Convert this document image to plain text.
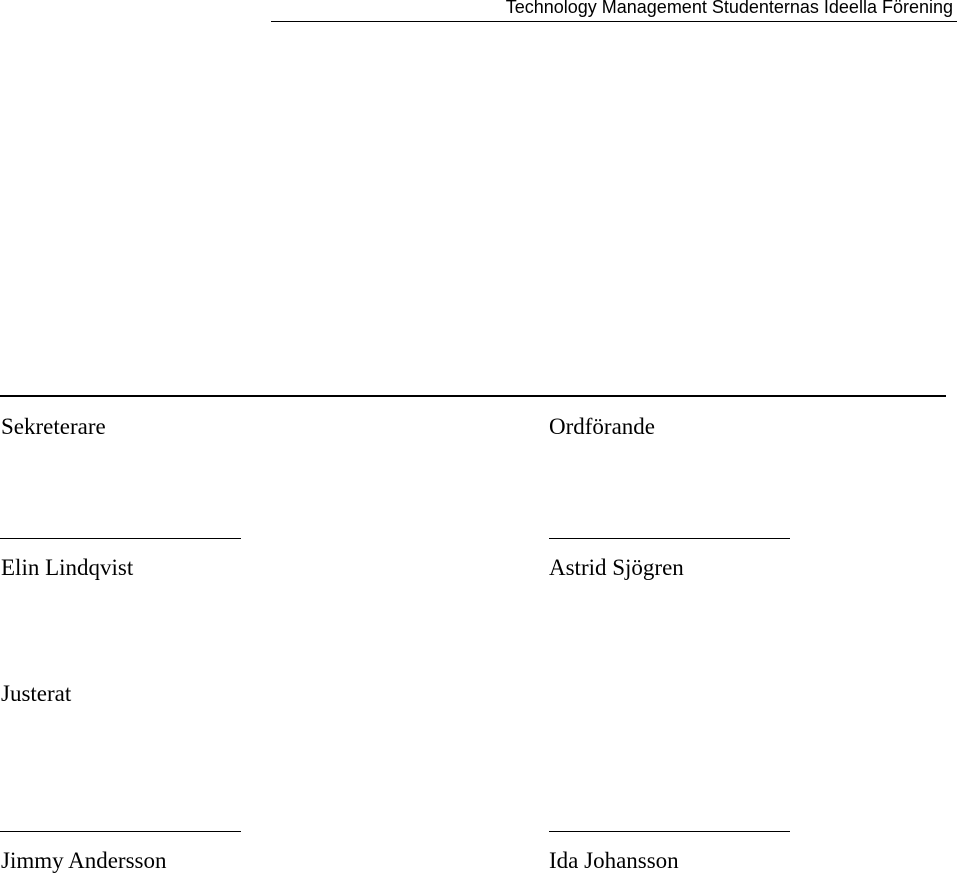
Technology Management Studenternas Ideella Förening
Sekreterare	Ordförande
Elin Lindqvist	Astrid Sjögren
Justerat
Jimmy Andersson	Ida Johansson
